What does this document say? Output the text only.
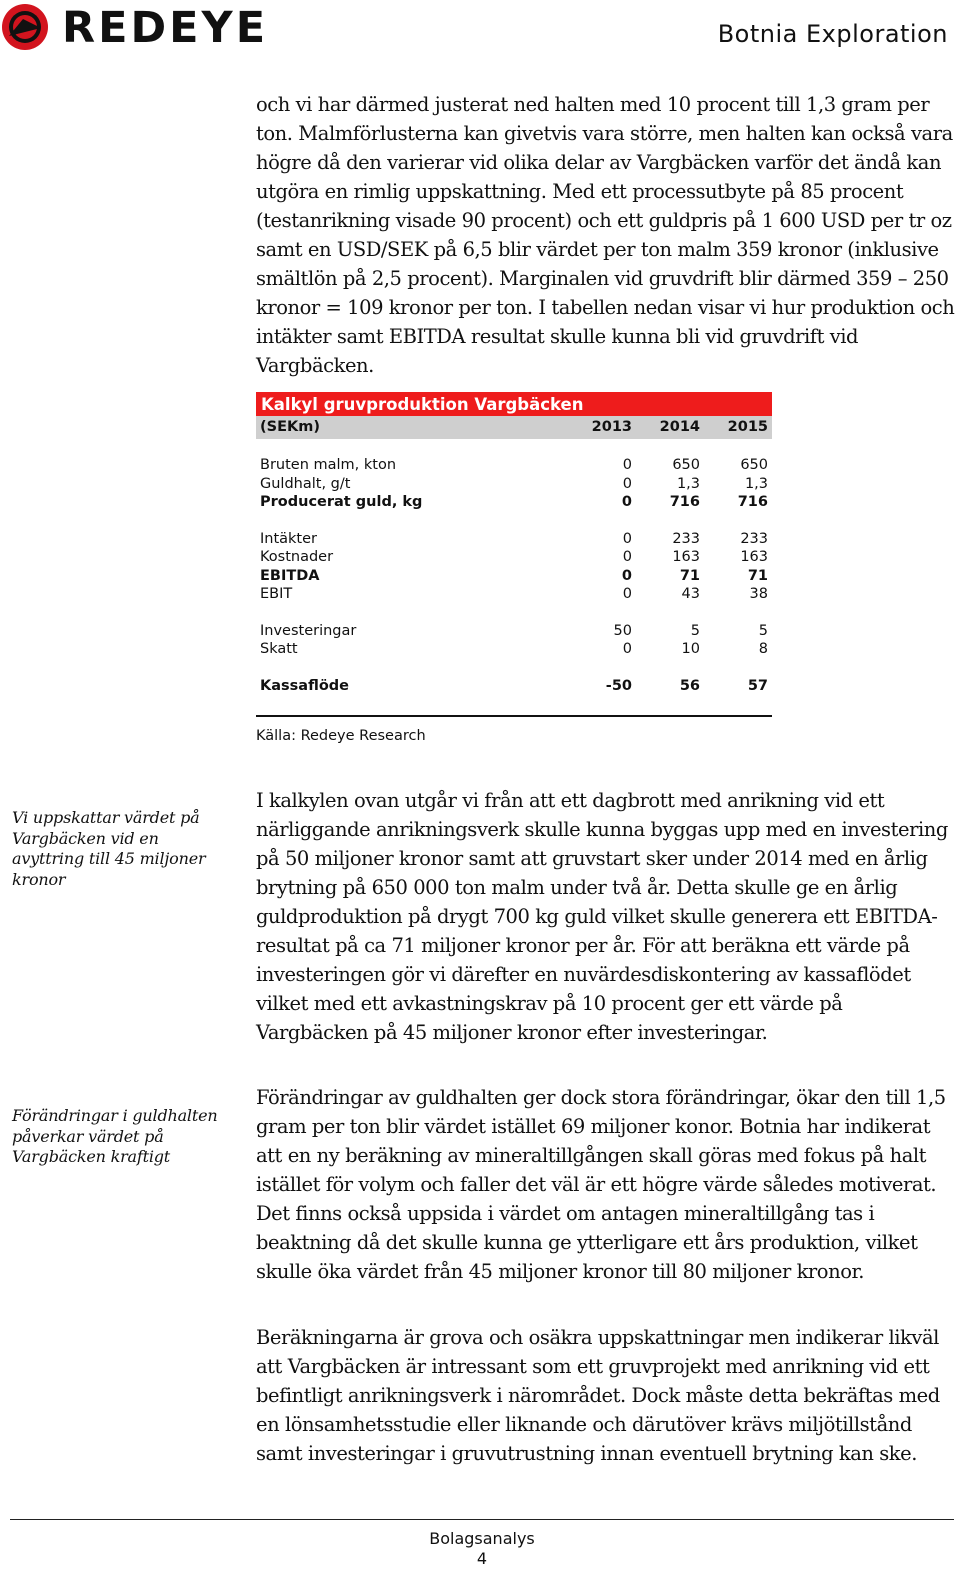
REDEYE	Botnia Exploration

och vi har därmed justerat ned halten med 10 procent till 1,3 gram per ton. Malmförlusterna kan givetvis vara större, men halten kan också vara högre då den varierar vid olika delar av Vargbäcken varför det ändå kan utgöra en rimlig uppskattning. Med ett processutbyte på 85 procent (testanrikning visade 90 procent) och ett guldpris på 1 600 USD per tr oz samt en USD/SEK på 6,5 blir värdet per ton malm 359 kronor (inklusive smältlön på 2,5 procent). Marginalen vid gruvdrift blir därmed 359 – 250 kronor = 109 kronor per ton. I tabellen nedan visar vi hur produktion och intäkter samt EBITDA resultat skulle kunna bli vid gruvdrift vid Vargbäcken.

Kalkyl gruvproduktion Vargbäcken
(SEKm)	2013	2014	2015
Bruten malm, kton	0	650	650
Guldhalt, g/t	0	1,3	1,3
Producerat guld, kg	0	716	716
Intäkter	0	233	233
Kostnader	0	163	163
EBITDA	0	71	71
EBIT	0	43	38
Investeringar	50	5	5
Skatt	0	10	8
Kassaflöde	-50	56	57
Källa: Redeye Research

Vi uppskattar värdet på Vargbäcken vid en avyttring till 45 miljoner kronor

I kalkylen ovan utgår vi från att ett dagbrott med anrikning vid ett närliggande anrikningsverk skulle kunna byggas upp med en investering på 50 miljoner kronor samt att gruvstart sker under 2014 med en årlig brytning på 650 000 ton malm under två år. Detta skulle ge en årlig guldproduktion på drygt 700 kg guld vilket skulle generera ett EBITDA-resultat på ca 71 miljoner kronor per år. För att beräkna ett värde på investeringen gör vi därefter en nuvärdesdiskontering av kassaflödet vilket med ett avkastningskrav på 10 procent ger ett värde på Vargbäcken på 45 miljoner kronor efter investeringar.

Förändringar i guldhalten påverkar värdet på Vargbäcken kraftigt

Förändringar av guldhalten ger dock stora förändringar, ökar den till 1,5 gram per ton blir värdet istället 69 miljoner konor. Botnia har indikerat att en ny beräkning av mineraltillgången skall göras med fokus på halt istället för volym och faller det väl är ett högre värde således motiverat. Det finns också uppsida i värdet om antagen mineraltillgång tas i beaktning då det skulle kunna ge ytterligare ett års produktion, vilket skulle öka värdet från 45 miljoner kronor till 80 miljoner kronor.

Beräkningarna är grova och osäkra uppskattningar men indikerar likväl att Vargbäcken är intressant som ett gruvprojekt med anrikning vid ett befintligt anrikningsverk i närområdet. Dock måste detta bekräftas med en lönsamhetsstudie eller liknande och därutöver krävs miljötillstånd samt investeringar i gruvutrustning innan eventuell brytning kan ske.

Bolagsanalys
4
